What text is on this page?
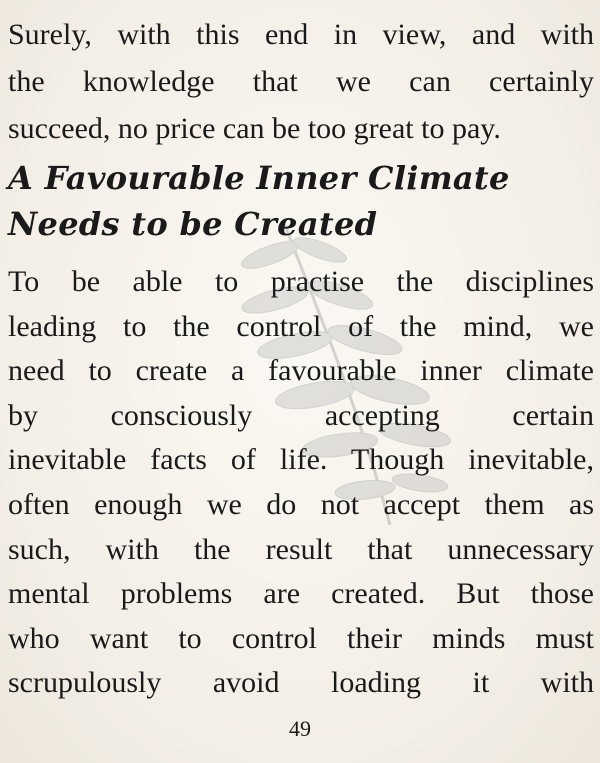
Surely, with this end in view, and with
the knowledge that we can certainly
succeed, no price can be too great to pay.
A Favourable Inner Climate
Needs to be Created
To be able to practise the disciplines
leading to the control of the mind, we
need to create a favourable inner climate
by consciously accepting certain
inevitable facts of life. Though inevitable,
often enough we do not accept them as
such, with the result that unnecessary
mental problems are created. But those
who want to control their minds must
scrupulously avoid loading it with
49
